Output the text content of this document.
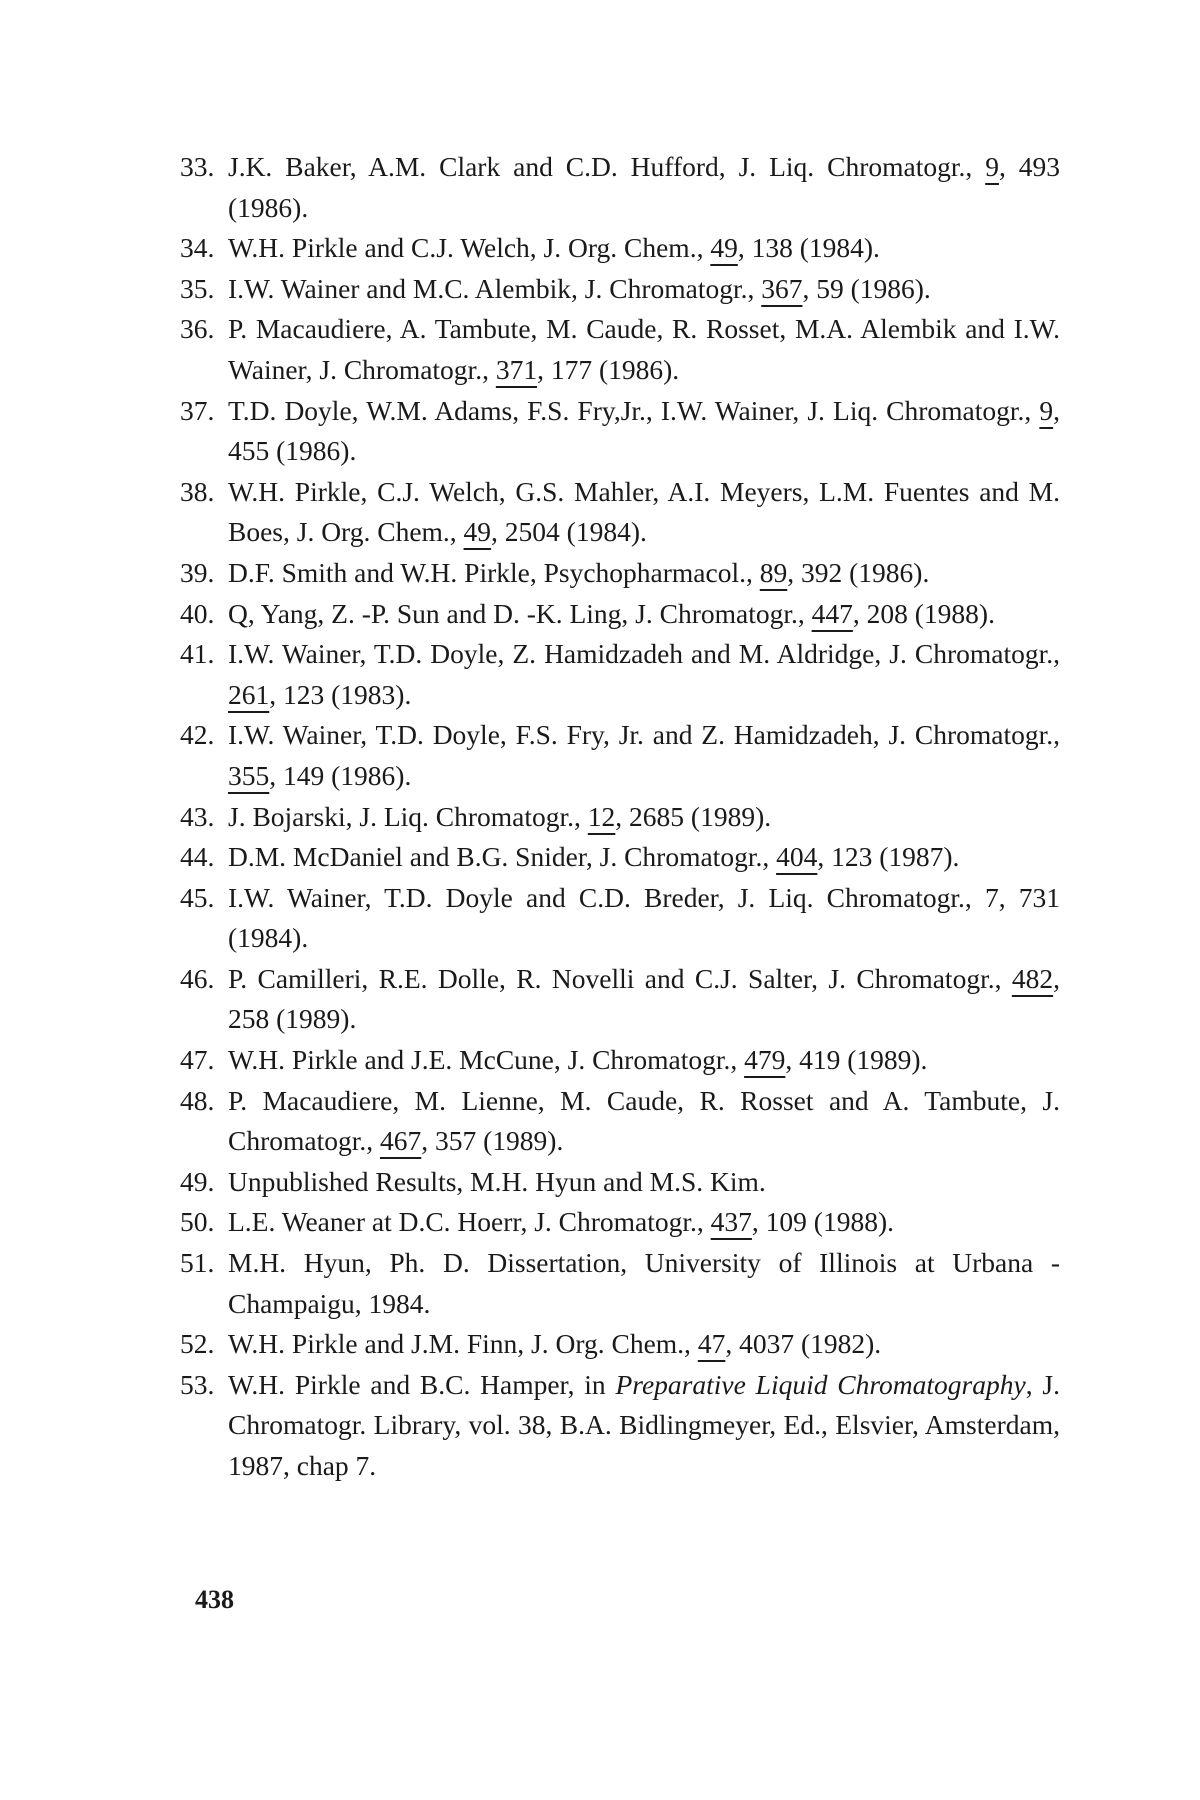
33. J.K. Baker, A.M. Clark and C.D. Hufford, J. Liq. Chromatogr., 9, 493 (1986).
34. W.H. Pirkle and C.J. Welch, J. Org. Chem., 49, 138 (1984).
35. I.W. Wainer and M.C. Alembik, J. Chromatogr., 367, 59 (1986).
36. P. Macaudiere, A. Tambute, M. Caude, R. Rosset, M.A. Alembik and I.W. Wainer, J. Chromatogr., 371, 177 (1986).
37. T.D. Doyle, W.M. Adams, F.S. Fry,Jr., I.W. Wainer, J. Liq. Chromatogr., 9, 455 (1986).
38. W.H. Pirkle, C.J. Welch, G.S. Mahler, A.I. Meyers, L.M. Fuentes and M. Boes, J. Org. Chem., 49, 2504 (1984).
39. D.F. Smith and W.H. Pirkle, Psychopharmacol., 89, 392 (1986).
40. Q, Yang, Z. -P. Sun and D. -K. Ling, J. Chromatogr., 447, 208 (1988).
41. I.W. Wainer, T.D. Doyle, Z. Hamidzadeh and M. Aldridge, J. Chromatogr., 261, 123 (1983).
42. I.W. Wainer, T.D. Doyle, F.S. Fry, Jr. and Z. Hamidzadeh, J. Chromatogr., 355, 149 (1986).
43. J. Bojarski, J. Liq. Chromatogr., 12, 2685 (1989).
44. D.M. McDaniel and B.G. Snider, J. Chromatogr., 404, 123 (1987).
45. I.W. Wainer, T.D. Doyle and C.D. Breder, J. Liq. Chromatogr., 7, 731 (1984).
46. P. Camilleri, R.E. Dolle, R. Novelli and C.J. Salter, J. Chromatogr., 482, 258 (1989).
47. W.H. Pirkle and J.E. McCune, J. Chromatogr., 479, 419 (1989).
48. P. Macaudiere, M. Lienne, M. Caude, R. Rosset and A. Tambute, J. Chromatogr., 467, 357 (1989).
49. Unpublished Results, M.H. Hyun and M.S. Kim.
50. L.E. Weaner at D.C. Hoerr, J. Chromatogr., 437, 109 (1988).
51. M.H. Hyun, Ph. D. Dissertation, University of Illinois at Urbana -Champaigu, 1984.
52. W.H. Pirkle and J.M. Finn, J. Org. Chem., 47, 4037 (1982).
53. W.H. Pirkle and B.C. Hamper, in Preparative Liquid Chromatography, J. Chromatogr. Library, vol. 38, B.A. Bidlingmeyer, Ed., Elsvier, Amsterdam, 1987, chap 7.
438
